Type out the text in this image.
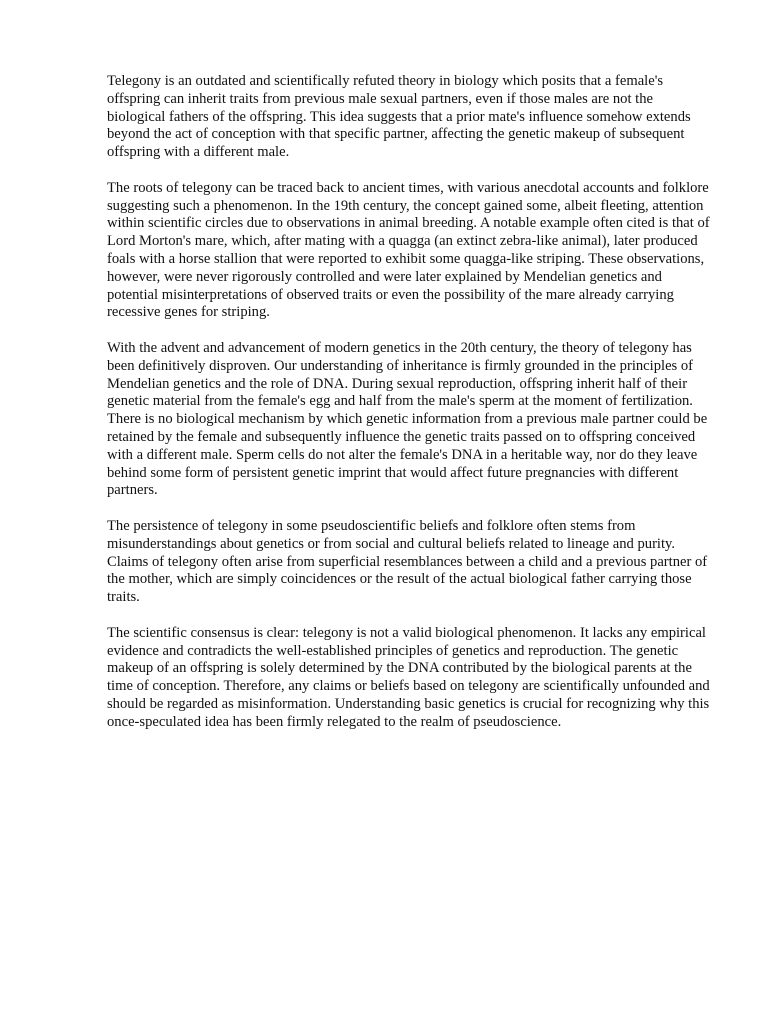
Telegony is an outdated and scientifically refuted theory in biology which posits that a female's offspring can inherit traits from previous male sexual partners, even if those males are not the biological fathers of the offspring. This idea suggests that a prior mate's influence somehow extends beyond the act of conception with that specific partner, affecting the genetic makeup of subsequent offspring with a different male.

The roots of telegony can be traced back to ancient times, with various anecdotal accounts and folklore suggesting such a phenomenon. In the 19th century, the concept gained some, albeit fleeting, attention within scientific circles due to observations in animal breeding. A notable example often cited is that of Lord Morton's mare, which, after mating with a quagga (an extinct zebra-like animal), later produced foals with a horse stallion that were reported to exhibit some quagga-like striping. These observations, however, were never rigorously controlled and were later explained by Mendelian genetics and potential misinterpretations of observed traits or even the possibility of the mare already carrying recessive genes for striping.

With the advent and advancement of modern genetics in the 20th century, the theory of telegony has been definitively disproven. Our understanding of inheritance is firmly grounded in the principles of Mendelian genetics and the role of DNA. During sexual reproduction, offspring inherit half of their genetic material from the female's egg and half from the male's sperm at the moment of fertilization. There is no biological mechanism by which genetic information from a previous male partner could be retained by the female and subsequently influence the genetic traits passed on to offspring conceived with a different male. Sperm cells do not alter the female's DNA in a heritable way, nor do they leave behind some form of persistent genetic imprint that would affect future pregnancies with different partners.

The persistence of telegony in some pseudoscientific beliefs and folklore often stems from misunderstandings about genetics or from social and cultural beliefs related to lineage and purity. Claims of telegony often arise from superficial resemblances between a child and a previous partner of the mother, which are simply coincidences or the result of the actual biological father carrying those traits.

The scientific consensus is clear: telegony is not a valid biological phenomenon. It lacks any empirical evidence and contradicts the well-established principles of genetics and reproduction. The genetic makeup of an offspring is solely determined by the DNA contributed by the biological parents at the time of conception. Therefore, any claims or beliefs based on telegony are scientifically unfounded and should be regarded as misinformation. Understanding basic genetics is crucial for recognizing why this once-speculated idea has been firmly relegated to the realm of pseudoscience.
